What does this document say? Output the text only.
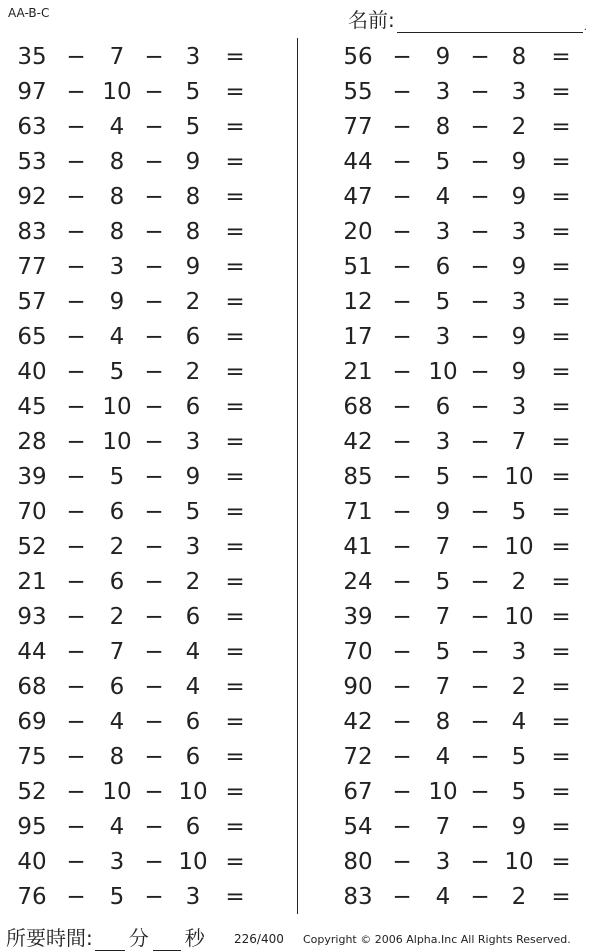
AA-B-C	名前:	.
35 −	7 − 3	=
97 − 10 − 5	=
63 −	4 − 5	=
53 −	8 − 9	=
92 −	8 − 8	=
83 −	8 − 8	=
77 −	3 − 9	=
57 −	9 − 2	=
65 −	4 − 6	=
40 −	5 − 2	=
45 − 10 − 6	=
28 − 10 − 3	=
39 −	5 − 9	=
70 −	6 − 5	=
52 −	2 − 3	=
21 −	6 − 2	=
93 −	2 − 6	=
44 −	7 − 4	=
68 −	6 − 4	=
69 −	4 − 6	=
75 −	8 − 6	=
52 − 10 − 10 =
95 −	4 − 6	=
40 −	3 − 10 =
76 −	5 − 3	=
56 −	9 − 8	=
55 −	3 − 3	=
77 −	8 − 2	=
44 −	5 − 9	=
47 −	4 − 9	=
20 −	3 − 3	=
51 −	6 − 9	=
12 −	5 − 3	=
17 −	3 − 9	=
21 − 10 − 9	=
68 −	6 − 3	=
42 −	3 − 7	=
85 −	5 − 10 =
71 −	9 − 5	=
41 −	7 − 10 =
24 −	5 − 2	=
39 −	7 − 10 =
70 −	5 − 3	=
90 −	7 − 2	=
42 −	8 − 4	=
72 −	4 − 5	=
67 − 10 − 5	=
54 −	7 − 9	=
80 −	3 − 10 =
83 −	4 − 2	=
所要時間: 分 秒 226/400 Copyright © 2006 Alpha.Inc All Rights Reserved.
